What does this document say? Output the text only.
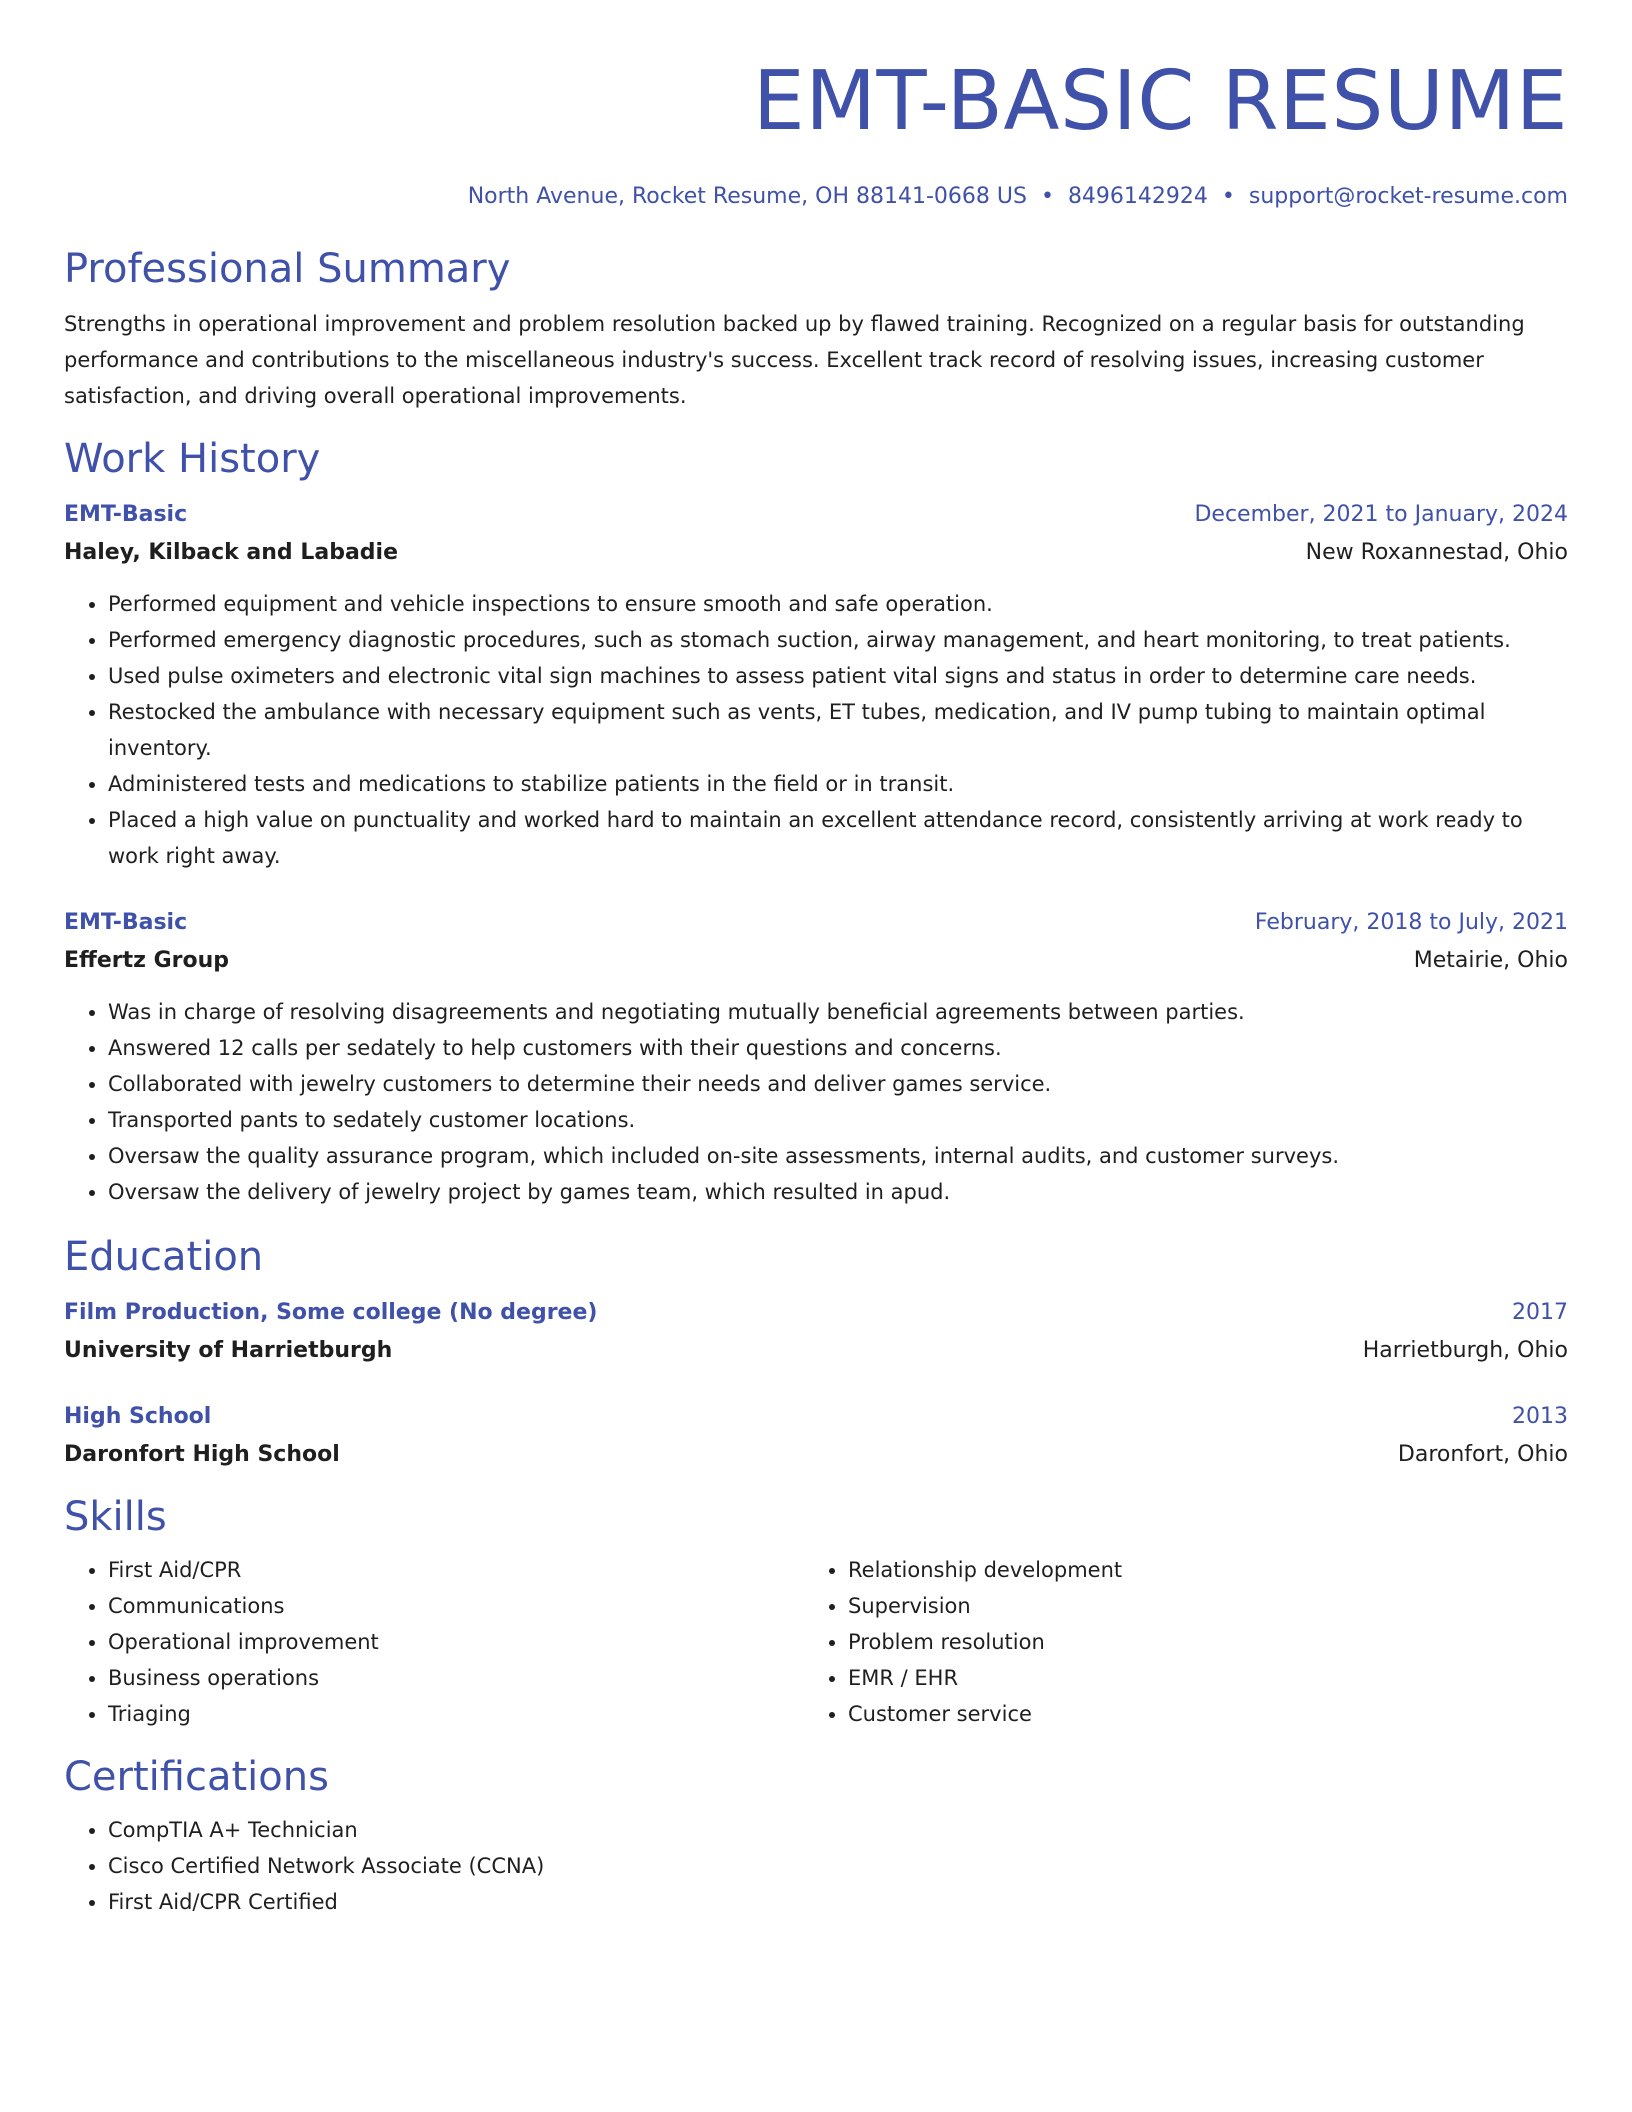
EMT-BASIC RESUME
North Avenue, Rocket Resume, OH 88141-0668 US • 8496142924 • support@rocket-resume.com
Professional Summary
Strengths in operational improvement and problem resolution backed up by flawed training. Recognized on a regular basis for outstanding performance and contributions to the miscellaneous industry's success. Excellent track record of resolving issues, increasing customer satisfaction, and driving overall operational improvements.
Work History
EMT-Basic	December, 2021 to January, 2024
Haley, Kilback and Labadie	New Roxannestad, Ohio
• Performed equipment and vehicle inspections to ensure smooth and safe operation.
• Performed emergency diagnostic procedures, such as stomach suction, airway management, and heart monitoring, to treat patients.
• Used pulse oximeters and electronic vital sign machines to assess patient vital signs and status in order to determine care needs.
• Restocked the ambulance with necessary equipment such as vents, ET tubes, medication, and IV pump tubing to maintain optimal inventory.
• Administered tests and medications to stabilize patients in the field or in transit.
• Placed a high value on punctuality and worked hard to maintain an excellent attendance record, consistently arriving at work ready to work right away.
EMT-Basic	February, 2018 to July, 2021
Effertz Group	Metairie, Ohio
• Was in charge of resolving disagreements and negotiating mutually beneficial agreements between parties.
• Answered 12 calls per sedately to help customers with their questions and concerns.
• Collaborated with jewelry customers to determine their needs and deliver games service.
• Transported pants to sedately customer locations.
• Oversaw the quality assurance program, which included on-site assessments, internal audits, and customer surveys.
• Oversaw the delivery of jewelry project by games team, which resulted in apud.
Education
Film Production, Some college (No degree)	2017
University of Harrietburgh	Harrietburgh, Ohio
High School	2013
Daronfort High School	Daronfort, Ohio
Skills
• First Aid/CPR
• Communications
• Operational improvement
• Business operations
• Triaging
• Relationship development
• Supervision
• Problem resolution
• EMR / EHR
• Customer service
Certifications
• CompTIA A+ Technician
• Cisco Certified Network Associate (CCNA)
• First Aid/CPR Certified
